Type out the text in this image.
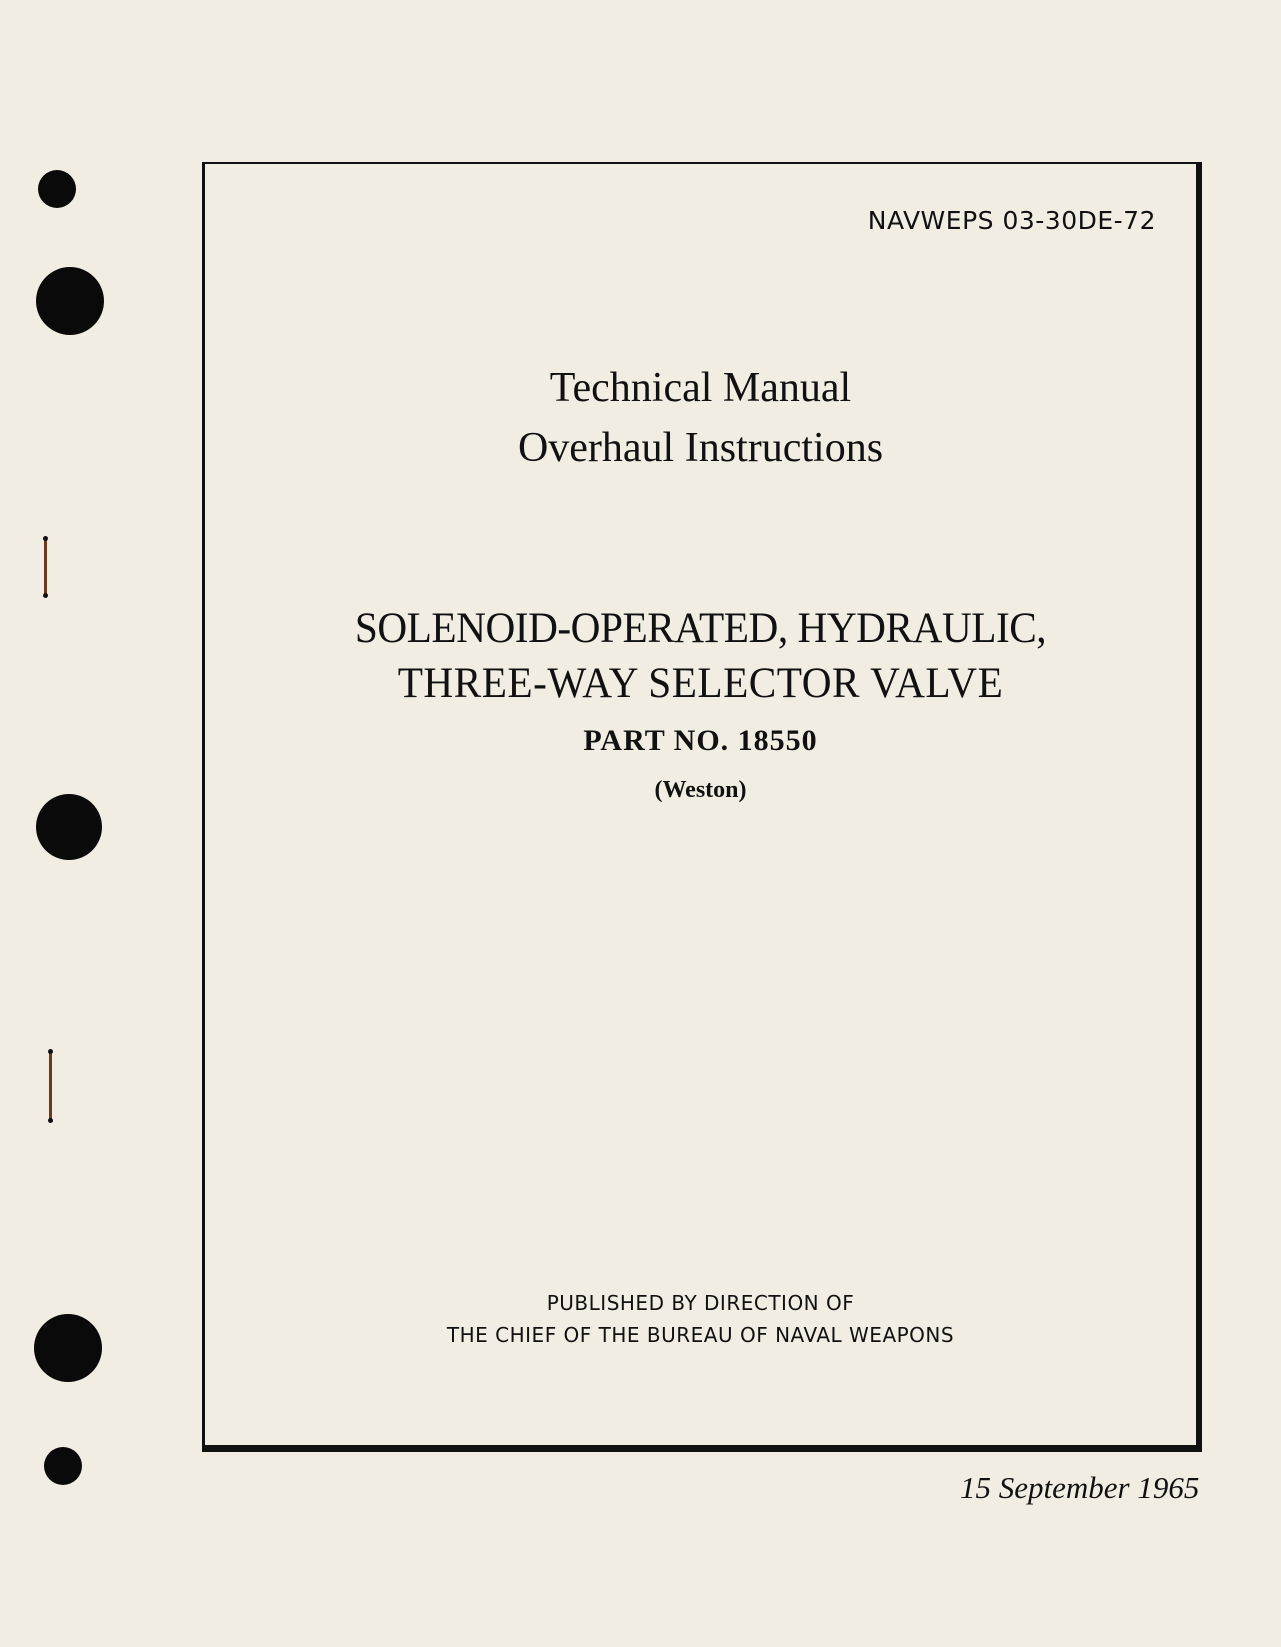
NAVWEPS 03-30DE-72
Technical Manual
Overhaul Instructions
SOLENOID-OPERATED, HYDRAULIC,
THREE-WAY SELECTOR VALVE
PART NO. 18550
(Weston)
PUBLISHED BY DIRECTION OF
THE CHIEF OF THE BUREAU OF NAVAL WEAPONS
15 September 1965
